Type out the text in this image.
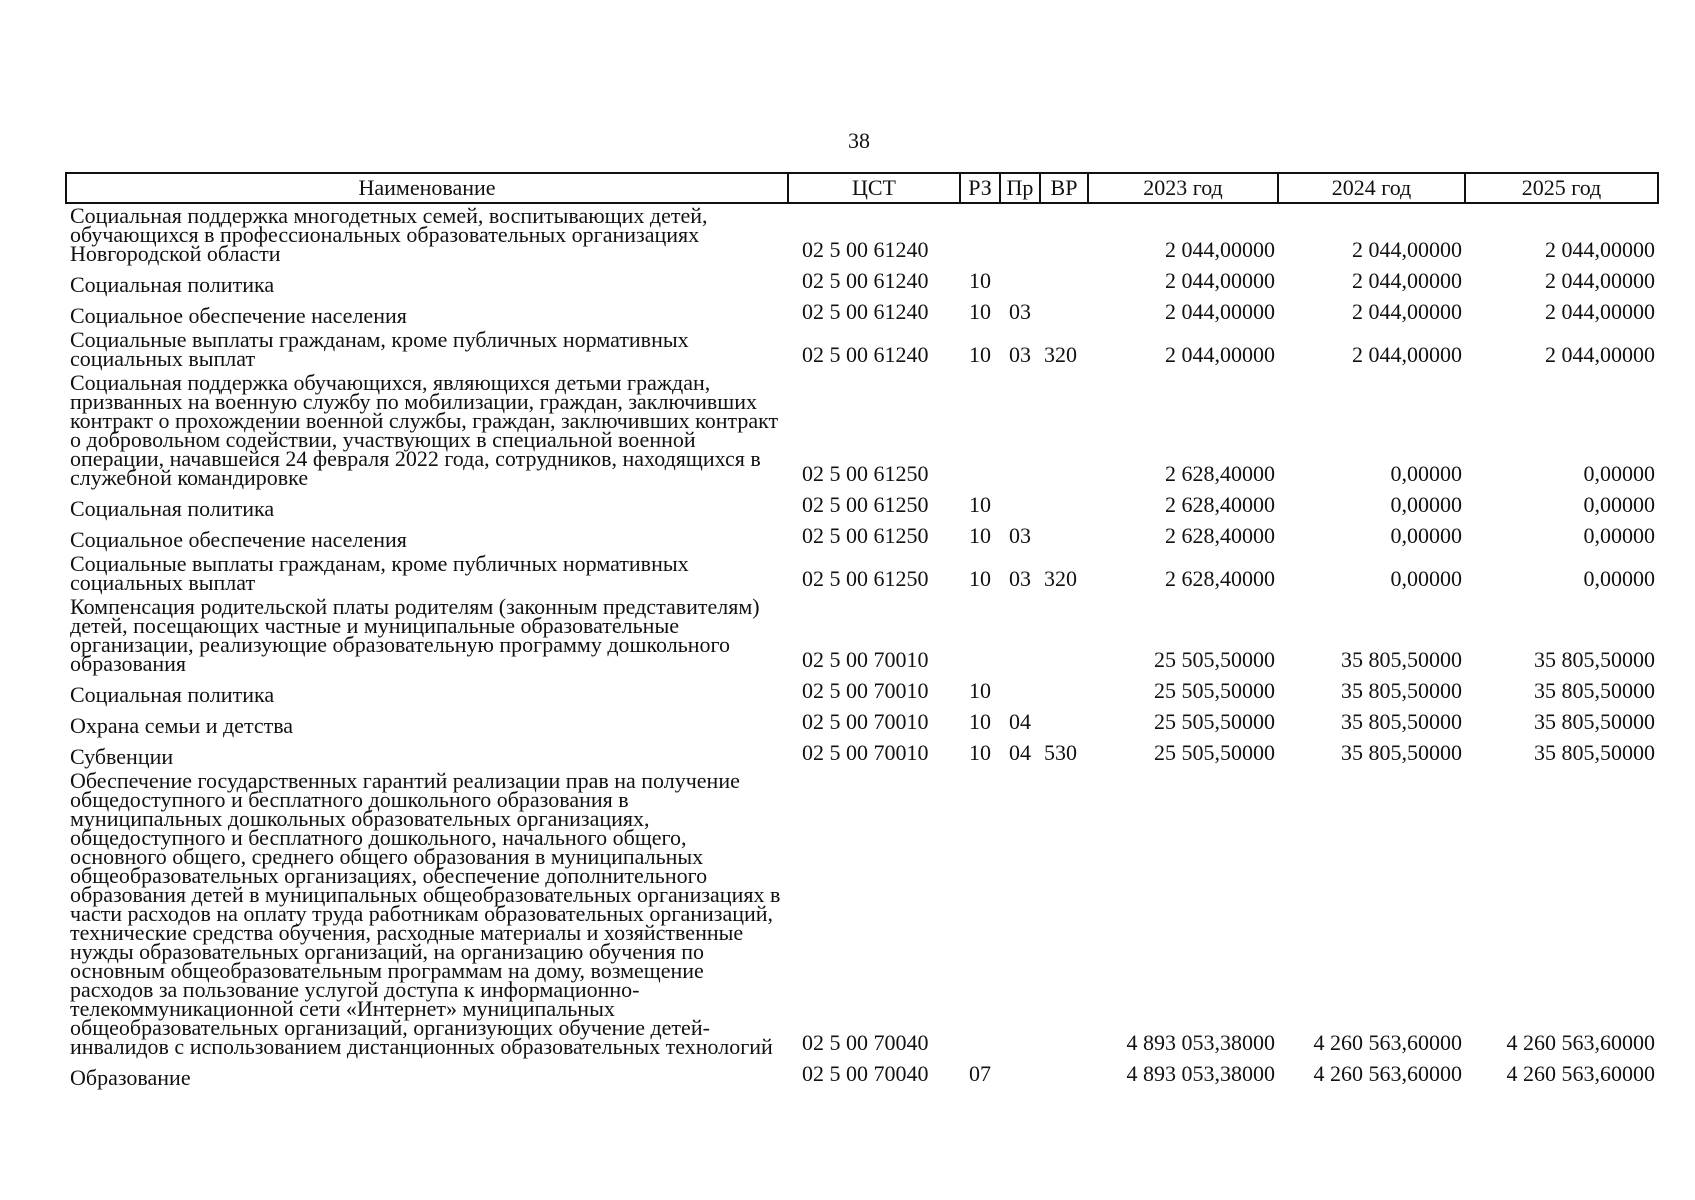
38
Наименование	ЦСТ	РЗ	Пр	ВР	2023 год	2024 год	2025 год
Социальная поддержка многодетных семей, воспитывающих детей, обучающихся в профессиональных образовательных организациях Новгородской области	02 5 00 61240				2 044,00000	2 044,00000	2 044,00000
Социальная политика	02 5 00 61240	10			2 044,00000	2 044,00000	2 044,00000
Социальное обеспечение населения	02 5 00 61240	10	03		2 044,00000	2 044,00000	2 044,00000
Социальные выплаты гражданам, кроме публичных нормативных социальных выплат	02 5 00 61240	10	03	320	2 044,00000	2 044,00000	2 044,00000
Социальная поддержка обучающихся, являющихся детьми граждан, призванных на военную службу по мобилизации, граждан, заключивших контракт о прохождении военной службы, граждан, заключивших контракт о добровольном содействии, участвующих в специальной военной операции, начавшейся 24 февраля 2022 года, сотрудников, находящихся в служебной командировке	02 5 00 61250				2 628,40000	0,00000	0,00000
Социальная политика	02 5 00 61250	10			2 628,40000	0,00000	0,00000
Социальное обеспечение населения	02 5 00 61250	10	03		2 628,40000	0,00000	0,00000
Социальные выплаты гражданам, кроме публичных нормативных социальных выплат	02 5 00 61250	10	03	320	2 628,40000	0,00000	0,00000
Компенсация родительской платы родителям (законным представителям) детей, посещающих частные и муниципальные образовательные организации, реализующие образовательную программу дошкольного образования	02 5 00 70010				25 505,50000	35 805,50000	35 805,50000
Социальная политика	02 5 00 70010	10			25 505,50000	35 805,50000	35 805,50000
Охрана семьи и детства	02 5 00 70010	10	04		25 505,50000	35 805,50000	35 805,50000
Субвенции	02 5 00 70010	10	04	530	25 505,50000	35 805,50000	35 805,50000
Обеспечение государственных гарантий реализации прав на получение общедоступного и бесплатного дошкольного образования в муниципальных дошкольных образовательных организациях, общедоступного и бесплатного дошкольного, начального общего, основного общего, среднего общего образования в муниципальных общеобразовательных организациях, обеспечение дополнительного образования детей в муниципальных общеобразовательных организациях в части расходов на оплату труда работникам образовательных организаций, технические средства обучения, расходные материалы и хозяйственные нужды образовательных организаций, на организацию обучения по основным общеобразовательным программам на дому, возмещение расходов за пользование услугой доступа к информационно-телекоммуникационной сети «Интернет» муниципальных общеобразовательных организаций, организующих обучение детей-инвалидов с использованием дистанционных образовательных технологий	02 5 00 70040				4 893 053,38000	4 260 563,60000	4 260 563,60000
Образование	02 5 00 70040	07			4 893 053,38000	4 260 563,60000	4 260 563,60000
